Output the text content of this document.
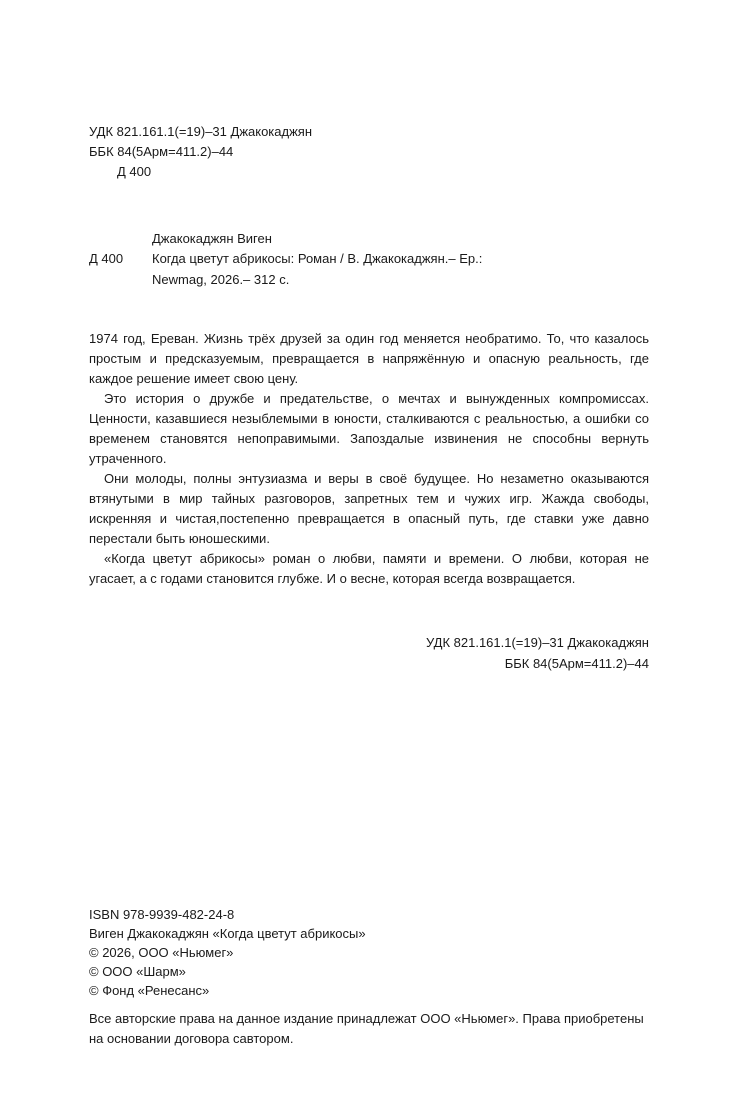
УДК 821.161.1(=19)–31 Джакокаджян
ББК 84(5Арм=411.2)–44
Д 400
Джакокаджян Виген
Д 400 Когда цветут абрикосы: Роман / В. Джакокаджян.– Ер.:
Newmag, 2026.– 312 с.

1974 год, Ереван. Жизнь трёх друзей за один год меняется необратимо. То, что казалось простым и предсказуемым, превращается в напряжённую и опасную реальность, где каждое решение имеет свою цену.

Это история о дружбе и предательстве, о мечтах и вынужденных компромиссах. Ценности, казавшиеся незыблемыми в юности, сталкиваются с реальностью, а ошибки со временем становятся непоправимыми. Запоздалые извинения не способны вернуть утраченного.

Они молоды, полны энтузиазма и веры в своё будущее. Но незаметно оказываются втянутыми в мир тайных разговоров, запретных тем и чужих игр. Жажда свободы, искренняя и чистая,постепенно превращается в опасный путь, где ставки уже давно перестали быть юношескими.

«Когда цветут абрикосы» роман о любви, памяти и времени. О любви, которая не угасает, а с годами становится глубже. И о весне, которая всегда возвращается.

УДК 821.161.1(=19)–31 Джакокаджян
ББК 84(5Арм=411.2)–44
ISBN 978-9939-482-24-8
Виген Джакокаджян «Когда цветут абрикосы»
© 2026, ООО «Ньюмег»
© ООО «Шарм»
© Фонд «Ренесанс»
Все авторские права на данное издание принадлежат ООО «Ньюмег». Права приобретены на основании договора савтором.
